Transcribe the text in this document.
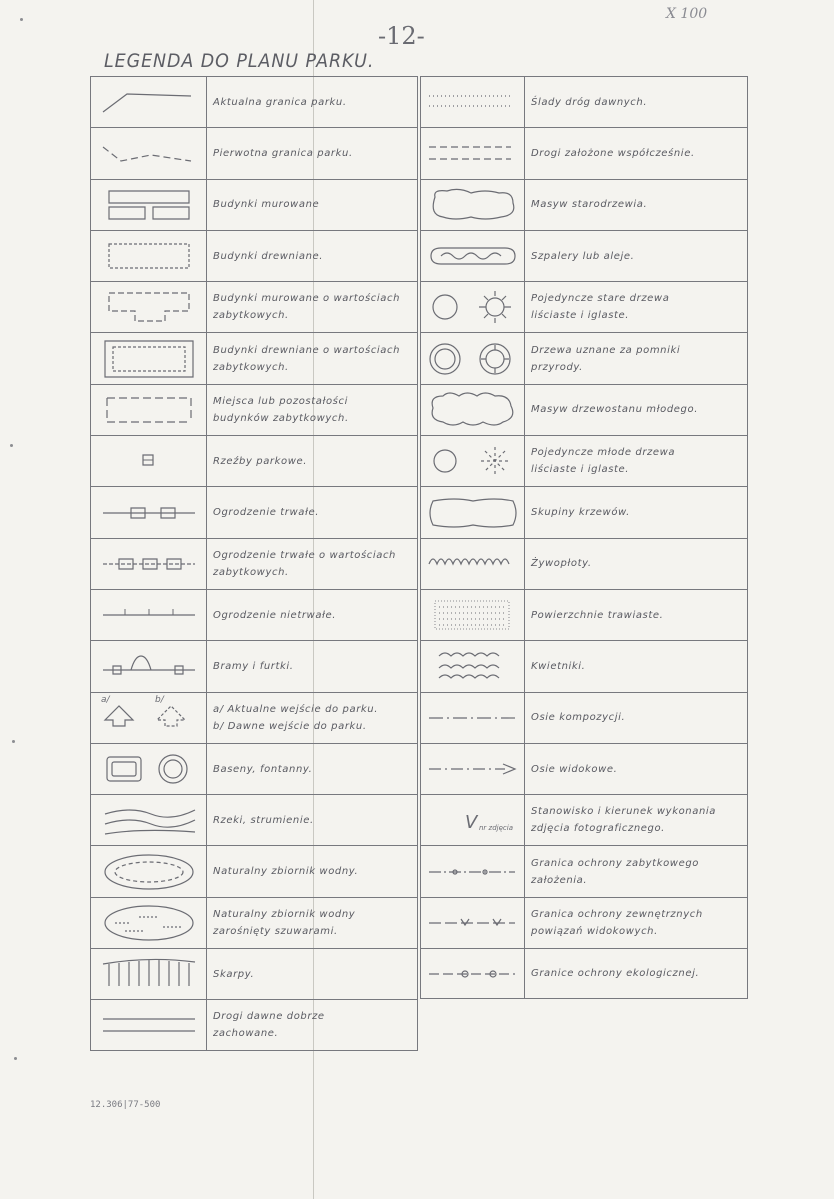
-12-
X 100
LEGENDA DO PLANU PARKU.
Aktualna granica parku.
Pierwotna granica parku.
Budynki murowane
Budynki drewniane.
Budynki murowane o wartościach
zabytkowych.
Budynki drewniane o wartościach
zabytkowych.
Miejsca lub pozostałości
budynków zabytkowych.
Rzeźby parkowe.
Ogrodzenie trwałe.
Ogrodzenie trwałe o wartościach
zabytkowych.
Ogrodzenie nietrwałe.
Bramy i furtki.
a/	b/
a/ Aktualne wejście do parku.
b/ Dawne wejście do parku.
Baseny, fontanny.
Rzeki, strumienie.
Naturalny zbiornik wodny.
Naturalny zbiornik wodny
zarośnięty szuwarami.
Skarpy.
Drogi dawne dobrze
zachowane.
Ślady dróg dawnych.
Drogi założone współcześnie.
Masyw starodrzewia.
Szpalery lub aleje.
Pojedyncze stare drzewa
liściaste i iglaste.
Drzewa uznane za pomniki
przyrody.
Masyw drzewostanu młodego.
Pojedyncze młode drzewa
liściaste i iglaste.
Skupiny krzewów.
Żywopłoty.
Powierzchnie trawiaste.
Kwietniki.
Osie kompozycji.
Osie widokowe.
V nr zdjęcia
Stanowisko i kierunek wykonania
zdjęcia fotograficznego.
Granica ochrony zabytkowego
założenia.
Granica ochrony zewnętrznych
powiązań widokowych.
Granice ochrony ekologicznej.
12.306|77-500
